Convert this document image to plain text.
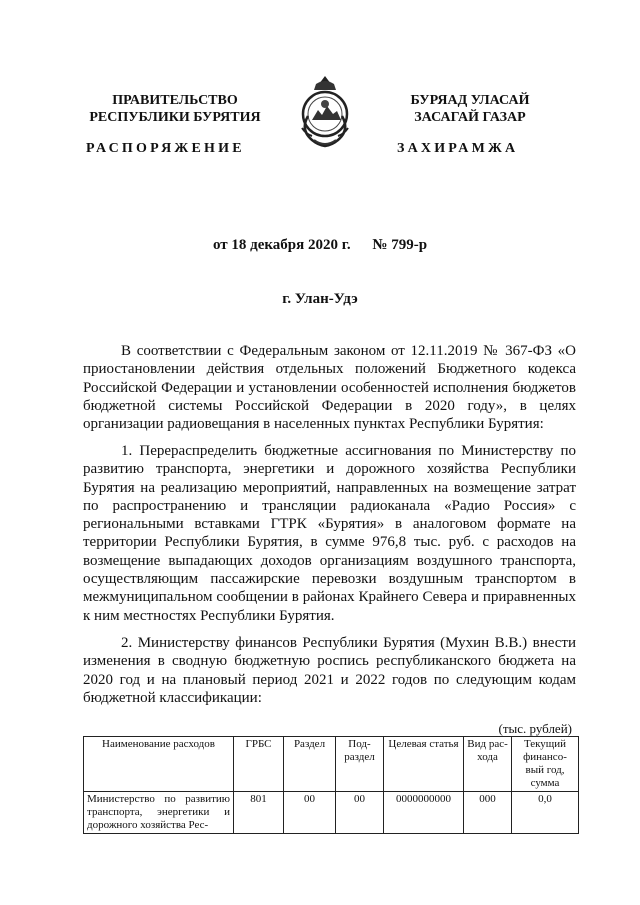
ПРАВИТЕЛЬСТВО
РЕСПУБЛИКИ БУРЯТИЯ
РАСПОРЯЖЕНИЕ
БУРЯАД УЛАСАЙ
ЗАСАГАЙ ГАЗАР
ЗАХИРАМЖА
от 18 декабря 2020 г. № 799-р
г. Улан-Удэ

В соответствии с Федеральным законом от 12.11.2019 № 367-ФЗ «О приостановлении действия отдельных положений Бюджетного кодекса Российской Федерации и установлении особенностей исполнения бюджетов бюджетной системы Российской Федерации в 2020 году», в целях организации радиовещания в населенных пунктах Республики Бурятия:

1. Перераспределить бюджетные ассигнования по Министерству по развитию транспорта, энергетики и дорожного хозяйства Республики Бурятия на реализацию мероприятий, направленных на возмещение затрат по распространению и трансляции радиоканала «Радио Россия» с региональными вставками ГТРК «Бурятия» в аналоговом формате на территории Республики Бурятия, в сумме 976,8 тыс. руб. с расходов на возмещение выпадающих доходов организациям воздушного транспорта, осуществляющим пассажирские перевозки воздушным транспортом в межмуниципальном сообщении в районах Крайнего Севера и приравненных к ним местностях Республики Бурятия.

2. Министерству финансов Республики Бурятия (Мухин В.В.) внести изменения в сводную бюджетную роспись республиканского бюджета на 2020 год и на плановый период 2021 и 2022 годов по следующим кодам бюджетной классификации:

(тыс. рублей)
Наименование расходов	ГРБС	Раздел	Под-раздел	Целевая статья	Вид рас-хода	Текущий финансо-вый год, сумма
Министерство по развитию транспорта, энергетики и дорожного хозяйства Рес-	801	00	00	0000000000	000	0,0
